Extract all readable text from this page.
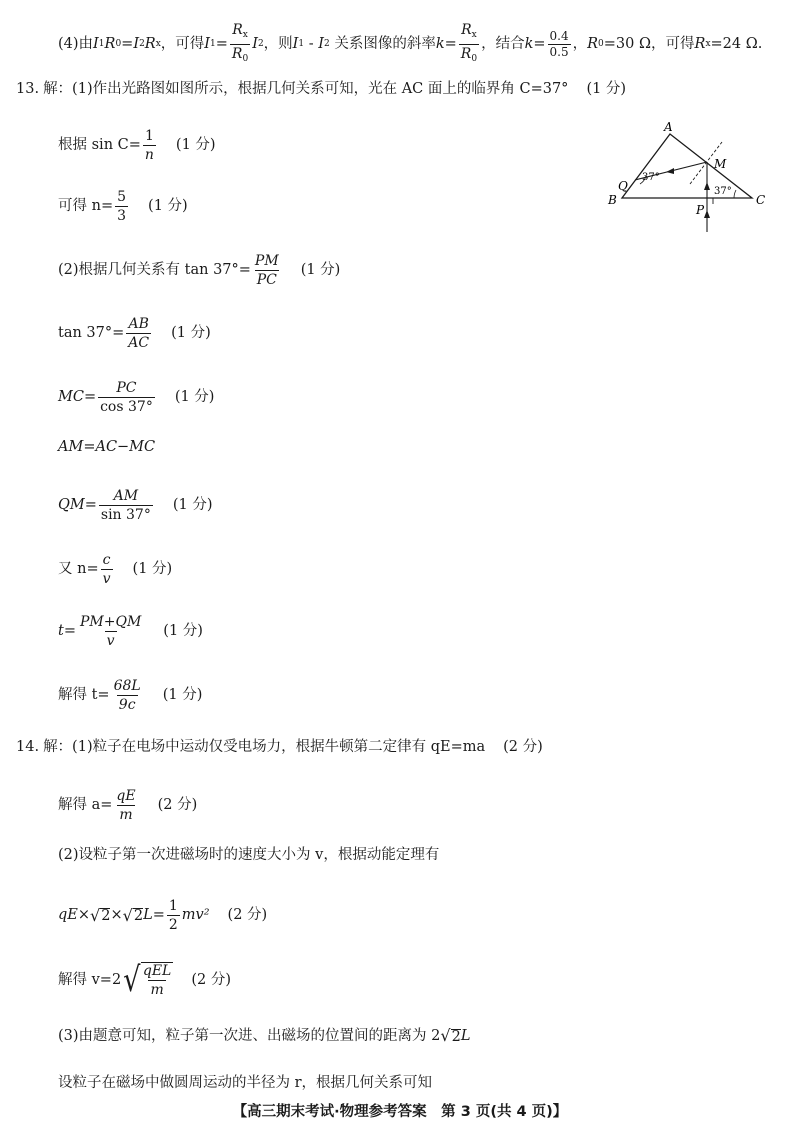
(4)由 I 1 R 0 = I 2 R x ，可得 I $1 = \frac{R_x}{R_0}$ I 2 ，则 I 1 - I 2
关系图像的斜率 $k = \frac{R_x}{R_0}$ ，结合 $k = \frac{0.4}{0.5}$ ， R 0 =30 Ω，可得 R x =24 Ω.
13. 解：(1)作出光路图如图所示，根据几何关系可知，光在 AC 面上的临界角 C=37° (1 分)
根据 $\sin C= \frac{1}{n} (1$ 分)
可得 $n= \frac{5}{3} (1$ 分)
(2)根据几何关系有 $\tan 37^\circ= \frac{PM}{PC} (1$ 分)
$\tan 37^\circ= \frac{AB}{AC} (1$ 分)
$MC= \frac{PC}{\cos 37^\circ} (1$ 分)
AM=AC−MC
$QM= \frac{AM}{\sin 37^\circ} (1$ 分)
又 $n= \frac{c}{v} (1$ 分)
$t= \frac{PM+QM}{v} (1$ 分)
解得 $t= \frac{68L}{9c} (1$ 分)
A
B	C
M
P
Q
37°
37°
14. 解：(1)粒子在电场中运动仅受电场力，根据牛顿第二定律有 qE=ma (2 分)
解得 $a= \frac{qE}{m} (2$ 分)
(2)设粒子第一次进磁场时的速度大小为 v，根据动能定理有
qE× √ 2 × √ 2 $L= \frac{1}{2} mv^2$ (2 分)
解得 v=2 √ $\frac{\text{qEL}}{m} (2$ 分)
(3)由题意可知，粒子第一次进、出磁场的位置间的距离为 2 √ 2 L
设粒子在磁场中做圆周运动的半径为 r，根据几何关系可知
【高三期末考试·物理参考答案　第 3 页(共 4 页)】
